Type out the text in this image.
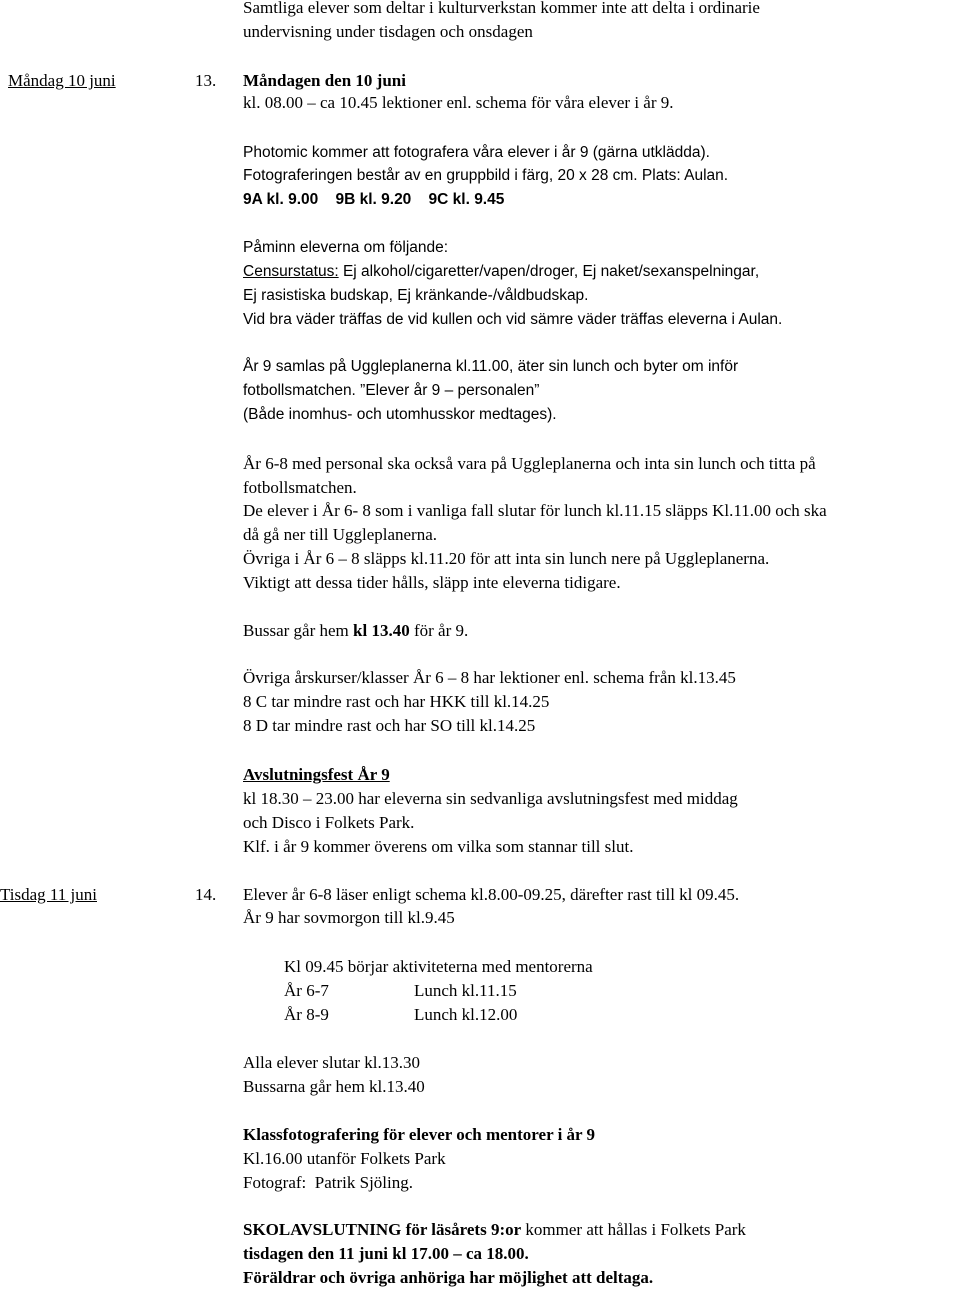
Samtliga elever som deltar i kulturverkstan kommer inte att delta i ordinarie
undervisning under tisdagen och onsdagen
Måndag 10 juni	13. Måndagen den 10 juni
kl. 08.00 – ca 10.45 lektioner enl. schema för våra elever i år 9.
Photomic kommer att fotografera våra elever i år 9 (gärna utklädda).
Fotograferingen består av en gruppbild i färg, 20 x 28 cm. Plats: Aulan.
9A kl. 9.00    9B kl. 9.20    9C kl. 9.45
Påminn eleverna om följande:
Censurstatus: Ej alkohol/cigaretter/vapen/droger, Ej naket/sexanspelningar,
Ej rasistiska budskap, Ej kränkande-/våldbudskap.
Vid bra väder träffas de vid kullen och vid sämre väder träffas eleverna i Aulan.
År 9 samlas på Uggleplanerna kl.11.00, äter sin lunch och byter om inför
fotbollsmatchen. ”Elever år 9 – personalen”
(Både inomhus- och utomhusskor medtages).
År 6-8 med personal ska också vara på Uggleplanerna och inta sin lunch och titta på
fotbollsmatchen.
De elever i År 6- 8 som i vanliga fall slutar för lunch kl.11.15 släpps Kl.11.00 och ska
då gå ner till Uggleplanerna.
Övriga i År 6 – 8 släpps kl.11.20 för att inta sin lunch nere på Uggleplanerna.
Viktigt att dessa tider hålls, släpp inte eleverna tidigare.
Bussar går hem kl 13.40 för år 9.
Övriga årskurser/klasser År 6 – 8 har lektioner enl. schema från kl.13.45
8 C tar mindre rast och har HKK till kl.14.25
8 D tar mindre rast och har SO till kl.14.25
Avslutningsfest År 9
kl 18.30 – 23.00 har eleverna sin sedvanliga avslutningsfest med middag
och Disco i Folkets Park.
Klf. i år 9 kommer överens om vilka som stannar till slut.
Tisdag 11 juni	14. Elever år 6-8 läser enligt schema kl.8.00-09.25, därefter rast till kl 09.45.
År 9 har sovmorgon till kl.9.45
Kl 09.45 börjar aktiviteterna med mentorerna
År 6-7	Lunch kl.11.15
År 8-9	Lunch kl.12.00
Alla elever slutar kl.13.30
Bussarna går hem kl.13.40
Klassfotografering för elever och mentorer i år 9
Kl.16.00 utanför Folkets Park
Fotograf:  Patrik Sjöling.
SKOLAVSLUTNING för läsårets 9:or kommer att hållas i Folkets Park
tisdagen den 11 juni kl 17.00 – ca 18.00.
Föräldrar och övriga anhöriga har möjlighet att deltaga.
